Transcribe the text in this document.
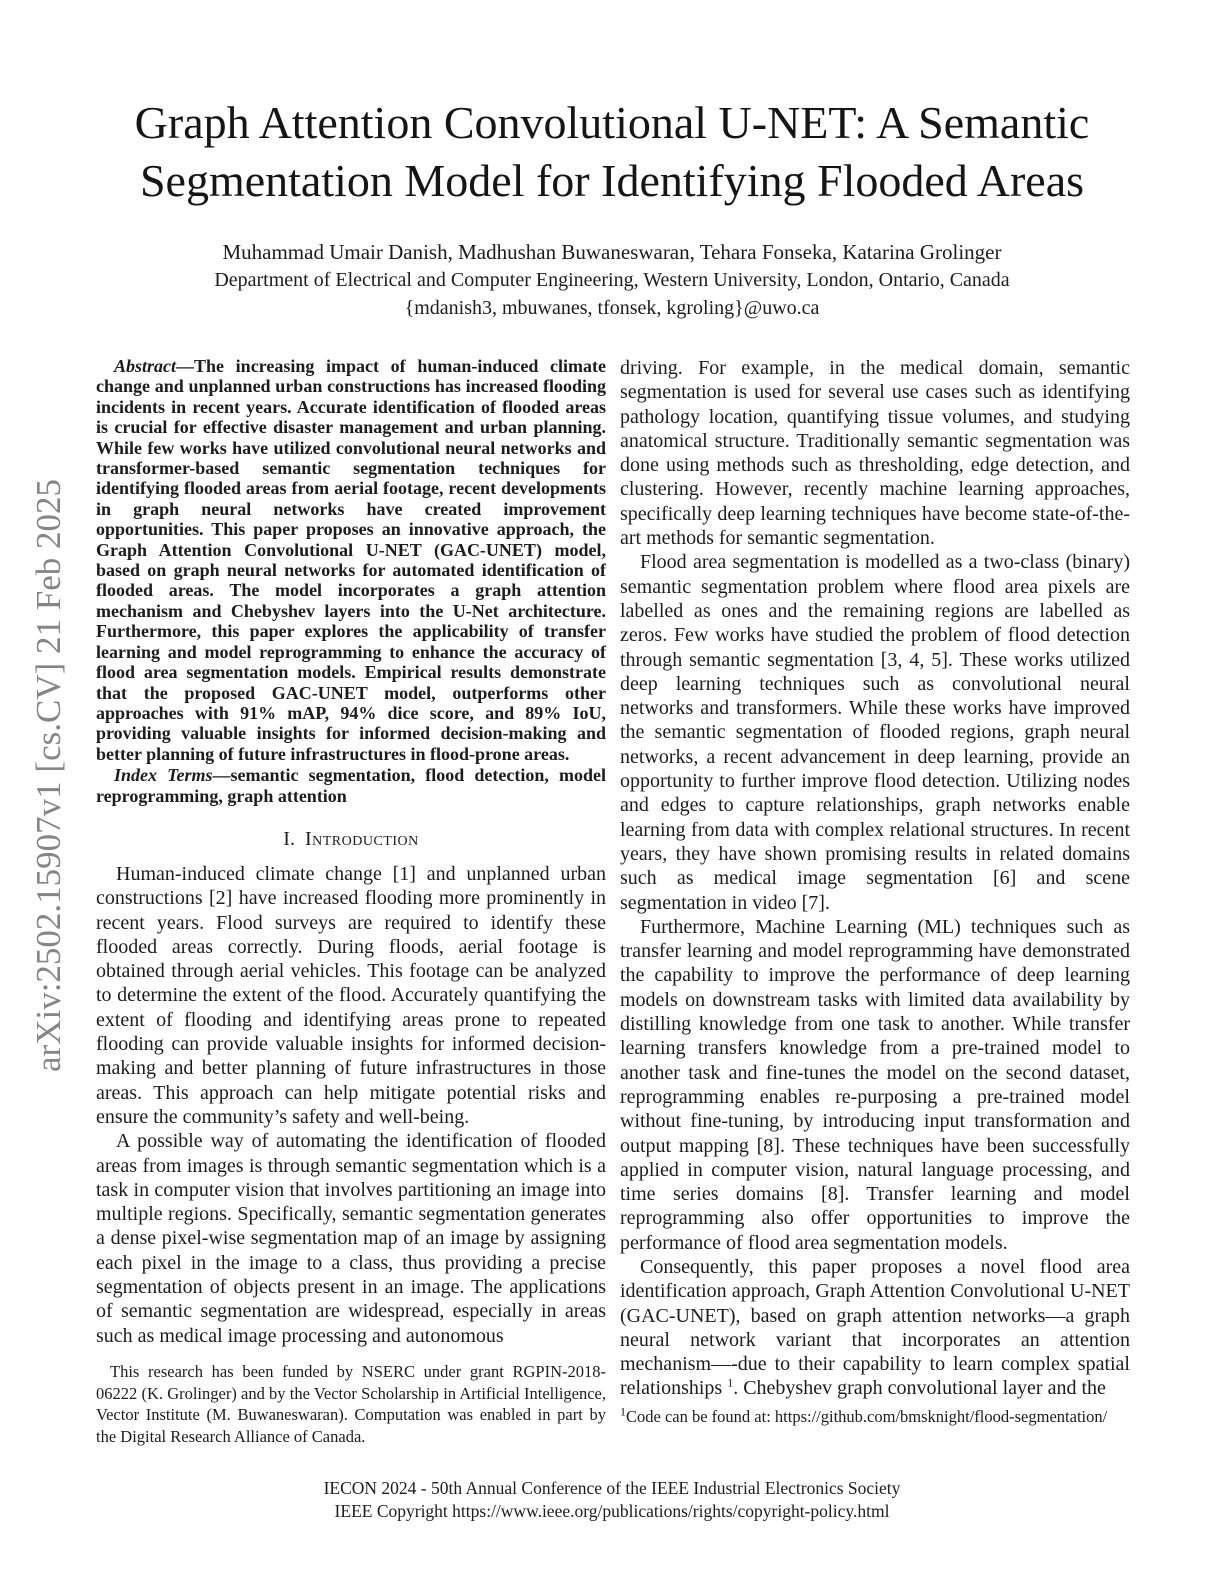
arXiv:2502.15907v1 [cs.CV] 21 Feb 2025
Graph Attention Convolutional U-NET: A Semantic
Segmentation Model for Identifying Flooded Areas
Muhammad Umair Danish, Madhushan Buwaneswaran, Tehara Fonseka, Katarina Grolinger
Department of Electrical and Computer Engineering, Western University, London, Ontario, Canada
{mdanish3, mbuwanes, tfonsek, kgroling}@uwo.ca
Abstract—The increasing impact of human-induced climate change and unplanned urban constructions has increased flooding incidents in recent years. Accurate identification of flooded areas is crucial for effective disaster management and urban planning. While few works have utilized convolutional neural networks and transformer-based semantic segmentation techniques for identifying flooded areas from aerial footage, recent developments in graph neural networks have created improvement opportunities. This paper proposes an innovative approach, the Graph Attention Convolutional U-NET (GAC-UNET) model, based on graph neural networks for automated identification of flooded areas. The model incorporates a graph attention mechanism and Chebyshev layers into the U-Net architecture. Furthermore, this paper explores the applicability of transfer learning and model reprogramming to enhance the accuracy of flood area segmentation models. Empirical results demonstrate that the proposed GAC-UNET model, outperforms other approaches with 91% mAP, 94% dice score, and 89% IoU, providing valuable insights for informed decision-making and better planning of future infrastructures in flood-prone areas.
Index Terms—semantic segmentation, flood detection, model reprogramming, graph attention
I. Introduction

Human-induced climate change [1] and unplanned urban constructions [2] have increased flooding more prominently in recent years. Flood surveys are required to identify these flooded areas correctly. During floods, aerial footage is obtained through aerial vehicles. This footage can be analyzed to determine the extent of the flood. Accurately quantifying the extent of flooding and identifying areas prone to repeated flooding can provide valuable insights for informed decision-making and better planning of future infrastructures in those areas. This approach can help mitigate potential risks and ensure the community’s safety and well-being.

A possible way of automating the identification of flooded areas from images is through semantic segmentation which is a task in computer vision that involves partitioning an image into multiple regions. Specifically, semantic segmentation generates a dense pixel-wise segmentation map of an image by assigning each pixel in the image to a class, thus providing a precise segmentation of objects present in an image. The applications of semantic segmentation are widespread, especially in areas such as medical image processing and autonomous

This research has been funded by NSERC under grant RGPIN-2018-06222 (K. Grolinger) and by the Vector Scholarship in Artificial Intelligence, Vector Institute (M. Buwaneswaran). Computation was enabled in part by the Digital Research Alliance of Canada.

driving. For example, in the medical domain, semantic segmentation is used for several use cases such as identifying pathology location, quantifying tissue volumes, and studying anatomical structure. Traditionally semantic segmentation was done using methods such as thresholding, edge detection, and clustering. However, recently machine learning approaches, specifically deep learning techniques have become state-of-the-art methods for semantic segmentation.

Flood area segmentation is modelled as a two-class (binary) semantic segmentation problem where flood area pixels are labelled as ones and the remaining regions are labelled as zeros. Few works have studied the problem of flood detection through semantic segmentation [3, 4, 5]. These works utilized deep learning techniques such as convolutional neural networks and transformers. While these works have improved the semantic segmentation of flooded regions, graph neural networks, a recent advancement in deep learning, provide an opportunity to further improve flood detection. Utilizing nodes and edges to capture relationships, graph networks enable learning from data with complex relational structures. In recent years, they have shown promising results in related domains such as medical image segmentation [6] and scene segmentation in video [7].

Furthermore, Machine Learning (ML) techniques such as transfer learning and model reprogramming have demonstrated the capability to improve the performance of deep learning models on downstream tasks with limited data availability by distilling knowledge from one task to another. While transfer learning transfers knowledge from a pre-trained model to another task and fine-tunes the model on the second dataset, reprogramming enables re-purposing a pre-trained model without fine-tuning, by introducing input transformation and output mapping [8]. These techniques have been successfully applied in computer vision, natural language processing, and time series domains [8]. Transfer learning and model reprogramming also offer opportunities to improve the performance of flood area segmentation models.

Consequently, this paper proposes a novel flood area identification approach, Graph Attention Convolutional U-NET (GAC-UNET), based on graph attention networks—a graph neural network variant that incorporates an attention mechanism—-due to their capability to learn complex spatial relationships $^1$. Chebyshev graph convolutional layer and the

$^1$Code can be found at: https://github.com/bmsknight/flood-segmentation/
IECON 2024 - 50th Annual Conference of the IEEE Industrial Electronics Society
IEEE Copyright https://www.ieee.org/publications/rights/copyright-policy.html
